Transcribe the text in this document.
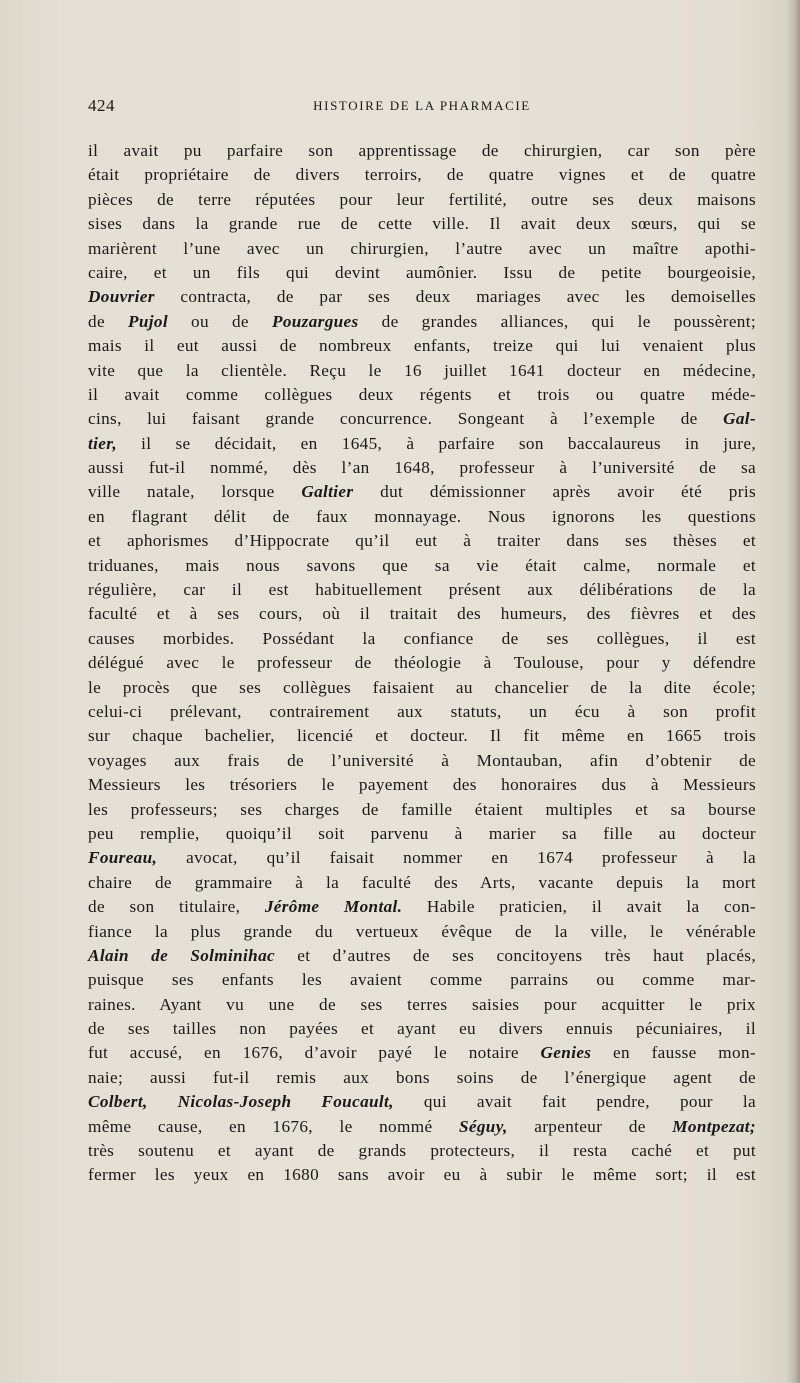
424	HISTOIRE DE LA PHARMACIE
il avait pu parfaire son apprentissage de chirurgien, car son père
était propriétaire de divers terroirs, de quatre vignes et de quatre
pièces de terre réputées pour leur fertilité, outre ses deux maisons
sises dans la grande rue de cette ville. Il avait deux sœurs, qui se
marièrent l’une avec un chirurgien, l’autre avec un maître apothi-
caire, et un fils qui devint aumônier. Issu de petite bourgeoisie,
Douvrier contracta, de par ses deux mariages avec les demoiselles
de Pujol ou de Pouzargues de grandes alliances, qui le poussèrent;
mais il eut aussi de nombreux enfants, treize qui lui venaient plus
vite que la clientèle. Reçu le 16 juillet 1641 docteur en médecine,
il avait comme collègues deux régents et trois ou quatre méde-
cins, lui faisant grande concurrence. Songeant à l’exemple de Gal-
tier, il se décidait, en 1645, à parfaire son baccalaureus in jure,
aussi fut-il nommé, dès l’an 1648, professeur à l’université de sa
ville natale, lorsque Galtier dut démissionner après avoir été pris
en flagrant délit de faux monnayage. Nous ignorons les questions
et aphorismes d’Hippocrate qu’il eut à traiter dans ses thèses et
triduanes, mais nous savons que sa vie était calme, normale et
régulière, car il est habituellement présent aux délibérations de la
faculté et à ses cours, où il traitait des humeurs, des fièvres et des
causes morbides. Possédant la confiance de ses collègues, il est
délégué avec le professeur de théologie à Toulouse, pour y défendre
le procès que ses collègues faisaient au chancelier de la dite école;
celui-ci prélevant, contrairement aux statuts, un écu à son profit
sur chaque bachelier, licencié et docteur. Il fit même en 1665 trois
voyages aux frais de l’université à Montauban, afin d’obtenir de
Messieurs les trésoriers le payement des honoraires dus à Messieurs
les professeurs; ses charges de famille étaient multiples et sa bourse
peu remplie, quoiqu’il soit parvenu à marier sa fille au docteur
Foureau, avocat, qu’il faisait nommer en 1674 professeur à la
chaire de grammaire à la faculté des Arts, vacante depuis la mort
de son titulaire, Jérôme Montal. Habile praticien, il avait la con-
fiance la plus grande du vertueux évêque de la ville, le vénérable
Alain de Solminihac et d’autres de ses concitoyens très haut placés,
puisque ses enfants les avaient comme parrains ou comme mar-
raines. Ayant vu une de ses terres saisies pour acquitter le prix
de ses tailles non payées et ayant eu divers ennuis pécuniaires, il
fut accusé, en 1676, d’avoir payé le notaire Genies en fausse mon-
naie; aussi fut-il remis aux bons soins de l’énergique agent de
Colbert, Nicolas-Joseph Foucault, qui avait fait pendre, pour la
même cause, en 1676, le nommé Séguy, arpenteur de Montpezat;
très soutenu et ayant de grands protecteurs, il resta caché et put
fermer les yeux en 1680 sans avoir eu à subir le même sort; il est
